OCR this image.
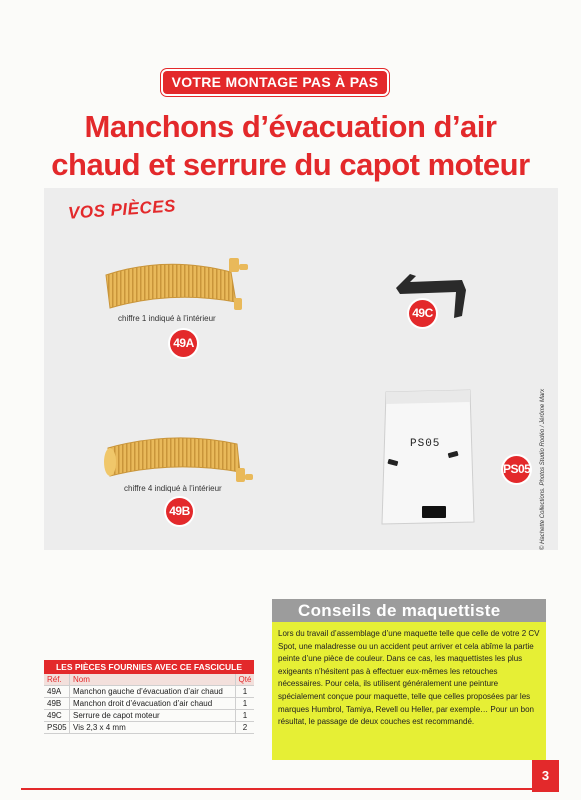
VOTRE MONTAGE PAS À PAS
Manchons d’évacuation d’air
chaud et serrure du capot moteur
VOS PIÈCES
chiffre 1 indiqué à l’intérieur
49A
chiffre 4 indiqué à l’intérieur
49B
49C
PS05
PS05 © Hachette Collections. Photos Studio Rodéo / Jérôme Marx
LES PIÈCES FOURNIES AVEC CE FASCICULE
Réf.	Nom	Qté
49A	Manchon gauche d’évacuation d’air chaud	1
49B	Manchon droit d’évacuation d’air chaud	1
49C	Serrure de capot moteur	1
PS05 Vis 2,3 x 4 mm	2
Conseils de maquettiste
Lors du travail d’assemblage d’une maquette telle que celle de votre 2 CV Spot, une maladresse ou un accident peut arriver et cela abîme la partie peinte d’une pièce de couleur. Dans ce cas, les maquettistes les plus exigeants n’hésitent pas à effectuer eux-mêmes les retouches nécessaires. Pour cela, ils utilisent généralement une peinture spécialement conçue pour maquette, telle que celles proposées par les marques Humbrol, Tamiya, Revell ou Heller, par exemple… Pour un bon résultat, le passage de deux couches est recommandé.
3
